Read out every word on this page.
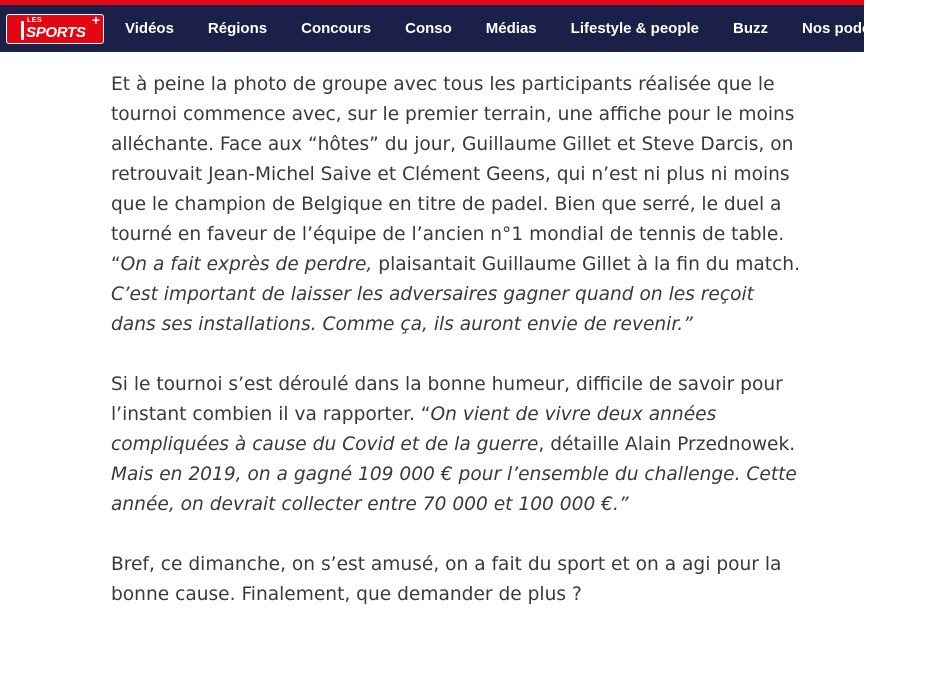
LES
SPORTS
+
Vidéos Régions Concours Conso Médias Lifestyle & people Buzz Nos podcasts

Et à peine la photo de groupe avec tous les participants réalisée que le tournoi commence avec, sur le premier terrain, une affiche pour le moins alléchante. Face aux “hôtes” du jour, Guillaume Gillet et Steve Darcis, on retrouvait Jean-Michel Saive et Clément Geens, qui n’est ni plus ni moins que le champion de Belgique en titre de padel. Bien que serré, le duel a tourné en faveur de l’équipe de l’ancien n°1 mondial de tennis de table. “On a fait exprès de perdre, plaisantait Guillaume Gillet à la fin du match. C’est important de laisser les adversaires gagner quand on les reçoit dans ses installations. Comme ça, ils auront envie de revenir.”

Si le tournoi s’est déroulé dans la bonne humeur, difficile de savoir pour l’instant combien il va rapporter. “On vient de vivre deux années compliquées à cause du Covid et de la guerre, détaille Alain Przednowek. Mais en 2019, on a gagné 109 000 € pour l’ensemble du challenge. Cette année, on devrait collecter entre 70 000 et 100 000 €.”

Bref, ce dimanche, on s’est amusé, on a fait du sport et on a agi pour la bonne cause. Finalement, que demander de plus ?
